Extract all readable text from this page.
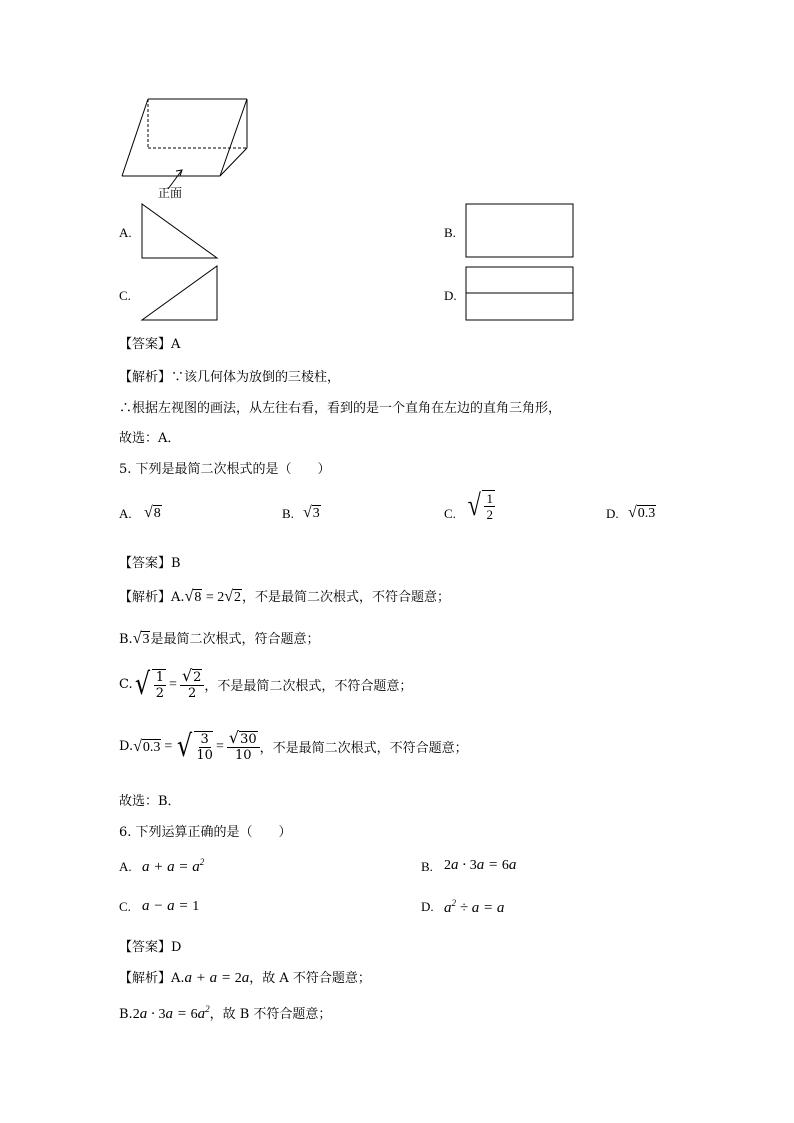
正面
A.	B.
C.	D.
【答案】A
【解析】∵该几何体为放倒的三棱柱，
∴根据左视图的画法，从左往右看，看到的是一个直角在左边的直角三角形，
故选：A．
5. 下列是最简二次根式的是（　　）
A. √8	B. √3	C. √ $\frac{1}{2}$	D. √0.3
【答案】B
【解析】A.√8 = 2√2，不是最简二次根式，不符合题意；
B.√3是最简二次根式，符合题意；
C. √ $\frac{1}{2} = \frac{√2}{2}$ ，不是最简二次根式，不符合题意；
D. √0.3 = √ $\frac{3}{10} = \frac{√30}{10}$ ，不是最简二次根式，不符合题意；
故选：B．
6. 下列运算正确的是（　　）
A. $a + a = a^2$	B. 2a · 3a = 6a
C. a − a = 1	D. $a^2 \div a = a$
【答案】D
【解析】A.a + a = 2a，故 A 不符合题意；
$B.2a \cdot 3a = 6a^2$，故 B 不符合题意；
